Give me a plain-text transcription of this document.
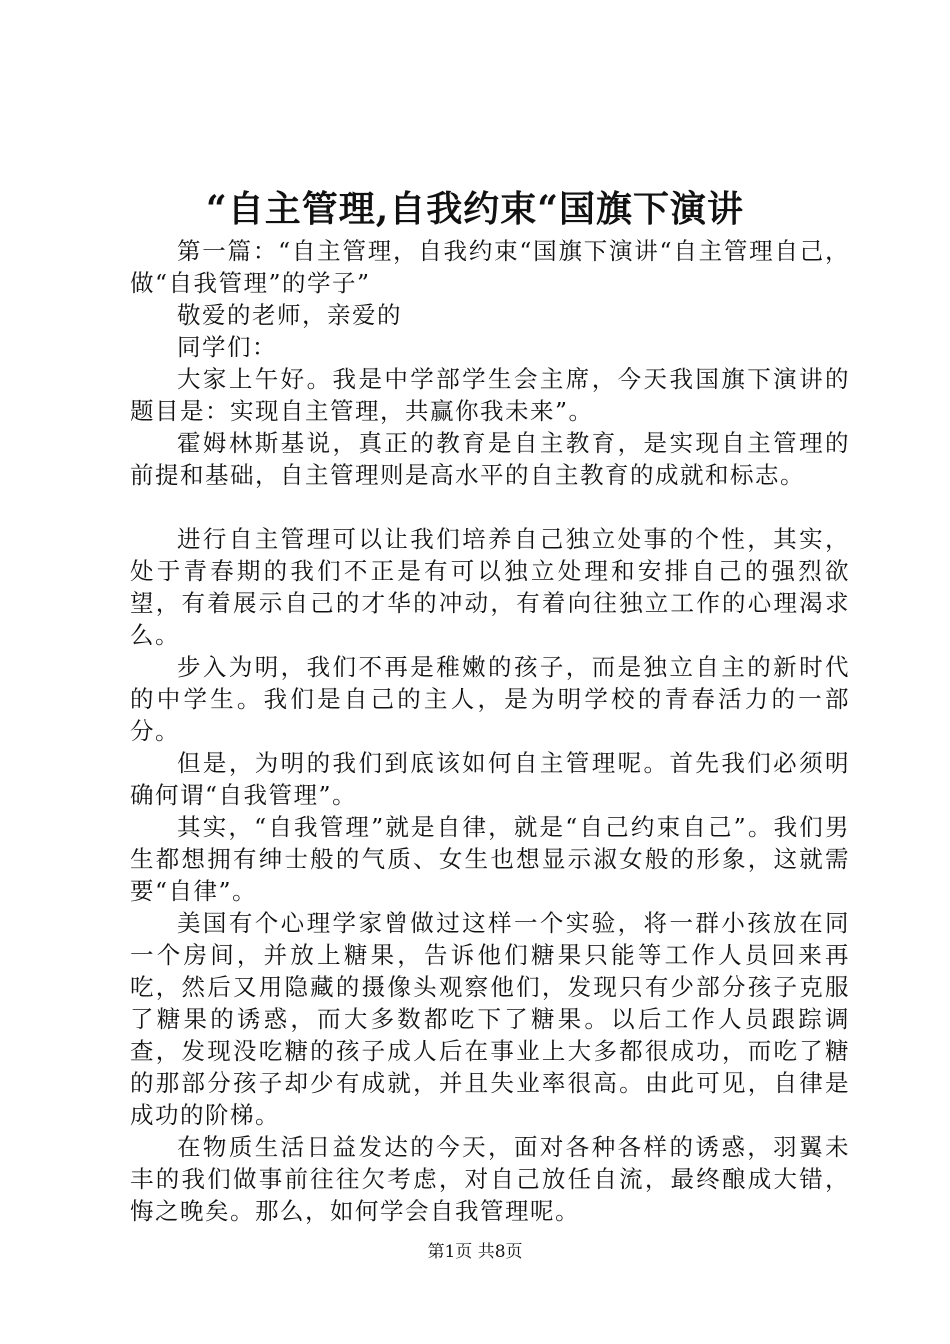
“自主管理,自我约束“国旗下演讲

第一篇：“自主管理，自我约束“国旗下演讲“自主管理自己，做“自我管理”的学子”

敬爱的老师，亲爱的

同学们：

大家上午好。我是中学部学生会主席，今天我国旗下演讲的题目是：实现自主管理，共赢你我未来”。

霍姆林斯基说，真正的教育是自主教育，是实现自主管理的前提和基础，自主管理则是高水平的自主教育的成就和标志。

进行自主管理可以让我们培养自己独立处事的个性，其实，处于青春期的我们不正是有可以独立处理和安排自己的强烈欲望，有着展示自己的才华的冲动，有着向往独立工作的心理渴求么。

步入为明，我们不再是稚嫩的孩子，而是独立自主的新时代的中学生。我们是自己的主人，是为明学校的青春活力的一部分。

但是，为明的我们到底该如何自主管理呢。首先我们必须明确何谓“自我管理”。

其实，“自我管理”就是自律，就是“自己约束自己”。我们男生都想拥有绅士般的气质、女生也想显示淑女般的形象，这就需要“自律”。

美国有个心理学家曾做过这样一个实验，将一群小孩放在同一个房间，并放上糖果，告诉他们糖果只能等工作人员回来再吃，然后又用隐藏的摄像头观察他们，发现只有少部分孩子克服了糖果的诱惑，而大多数都吃下了糖果。以后工作人员跟踪调查，发现没吃糖的孩子成人后在事业上大多都很成功，而吃了糖的那部分孩子却少有成就，并且失业率很高。由此可见，自律是成功的阶梯。

在物质生活日益发达的今天，面对各种各样的诱惑，羽翼未丰的我们做事前往往欠考虑，对自己放任自流，最终酿成大错，悔之晚矣。那么，如何学会自我管理呢。

第1页 共8页
